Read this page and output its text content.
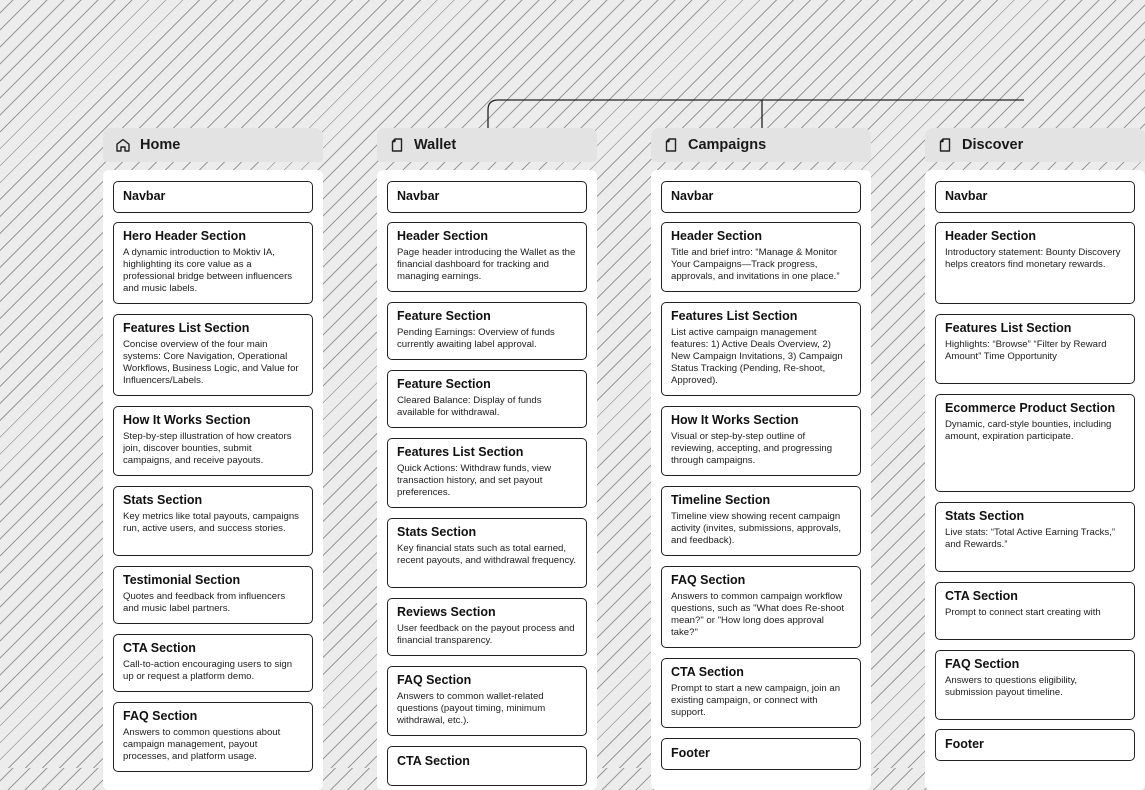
Home
Navbar
Hero Header Section
A dynamic introduction to Moktiv IA, highlighting its core value as a professional bridge between influencers and music labels.
Features List Section
Concise overview of the four main systems: Core Navigation, Operational Workflows, Business Logic, and Value for Influencers/Labels.
How It Works Section
Step-by-step illustration of how creators join, discover bounties, submit campaigns, and receive payouts.
Stats Section
Key metrics like total payouts, campaigns run, active users, and success stories.
Testimonial Section
Quotes and feedback from influencers and music label partners.
CTA Section
Call-to-action encouraging users to sign up or request a platform demo.
FAQ Section
Answers to common questions about campaign management, payout processes, and platform usage.
Wallet
Navbar
Header Section
Page header introducing the Wallet as the financial dashboard for tracking and managing earnings.
Feature Section
Pending Earnings: Overview of funds currently awaiting label approval.
Feature Section
Cleared Balance: Display of funds available for withdrawal.
Features List Section
Quick Actions: Withdraw funds, view transaction history, and set payout preferences.
Stats Section
Key financial stats such as total earned, recent payouts, and withdrawal frequency.
Reviews Section
User feedback on the payout process and financial transparency.
FAQ Section
Answers to common wallet-related questions (payout timing, minimum withdrawal, etc.).
CTA Section
Campaigns
Navbar
Header Section
Title and brief intro: “Manage & Monitor Your Campaigns—Track progress, approvals, and invitations in one place.”
Features List Section
List active campaign management features: 1) Active Deals Overview, 2) New Campaign Invitations, 3) Campaign Status Tracking (Pending, Re-shoot, Approved).
How It Works Section
Visual or step-by-step outline of reviewing, accepting, and progressing through campaigns.
Timeline Section
Timeline view showing recent campaign activity (invites, submissions, approvals, and feedback).
FAQ Section
Answers to common campaign workflow questions, such as "What does Re-shoot mean?" or "How long does approval take?"
CTA Section
Prompt to start a new campaign, join an existing campaign, or connect with support.
Footer
Discover
Navbar
Header Section
Introductory statement: Bounty Discovery helps creators find monetary rewards.
Features List Section
Highlights: “Browse” “Filter by Reward Amount” Time Opportunity
Ecommerce Product Section
Dynamic, card-style bounties, including amount, expiration participate.
Stats Section
Live stats: “Total Active Earning Tracks,” and Rewards.”
CTA Section
Prompt to connect start creating with
FAQ Section
Answers to questions eligibility, submission payout timeline.
Footer
